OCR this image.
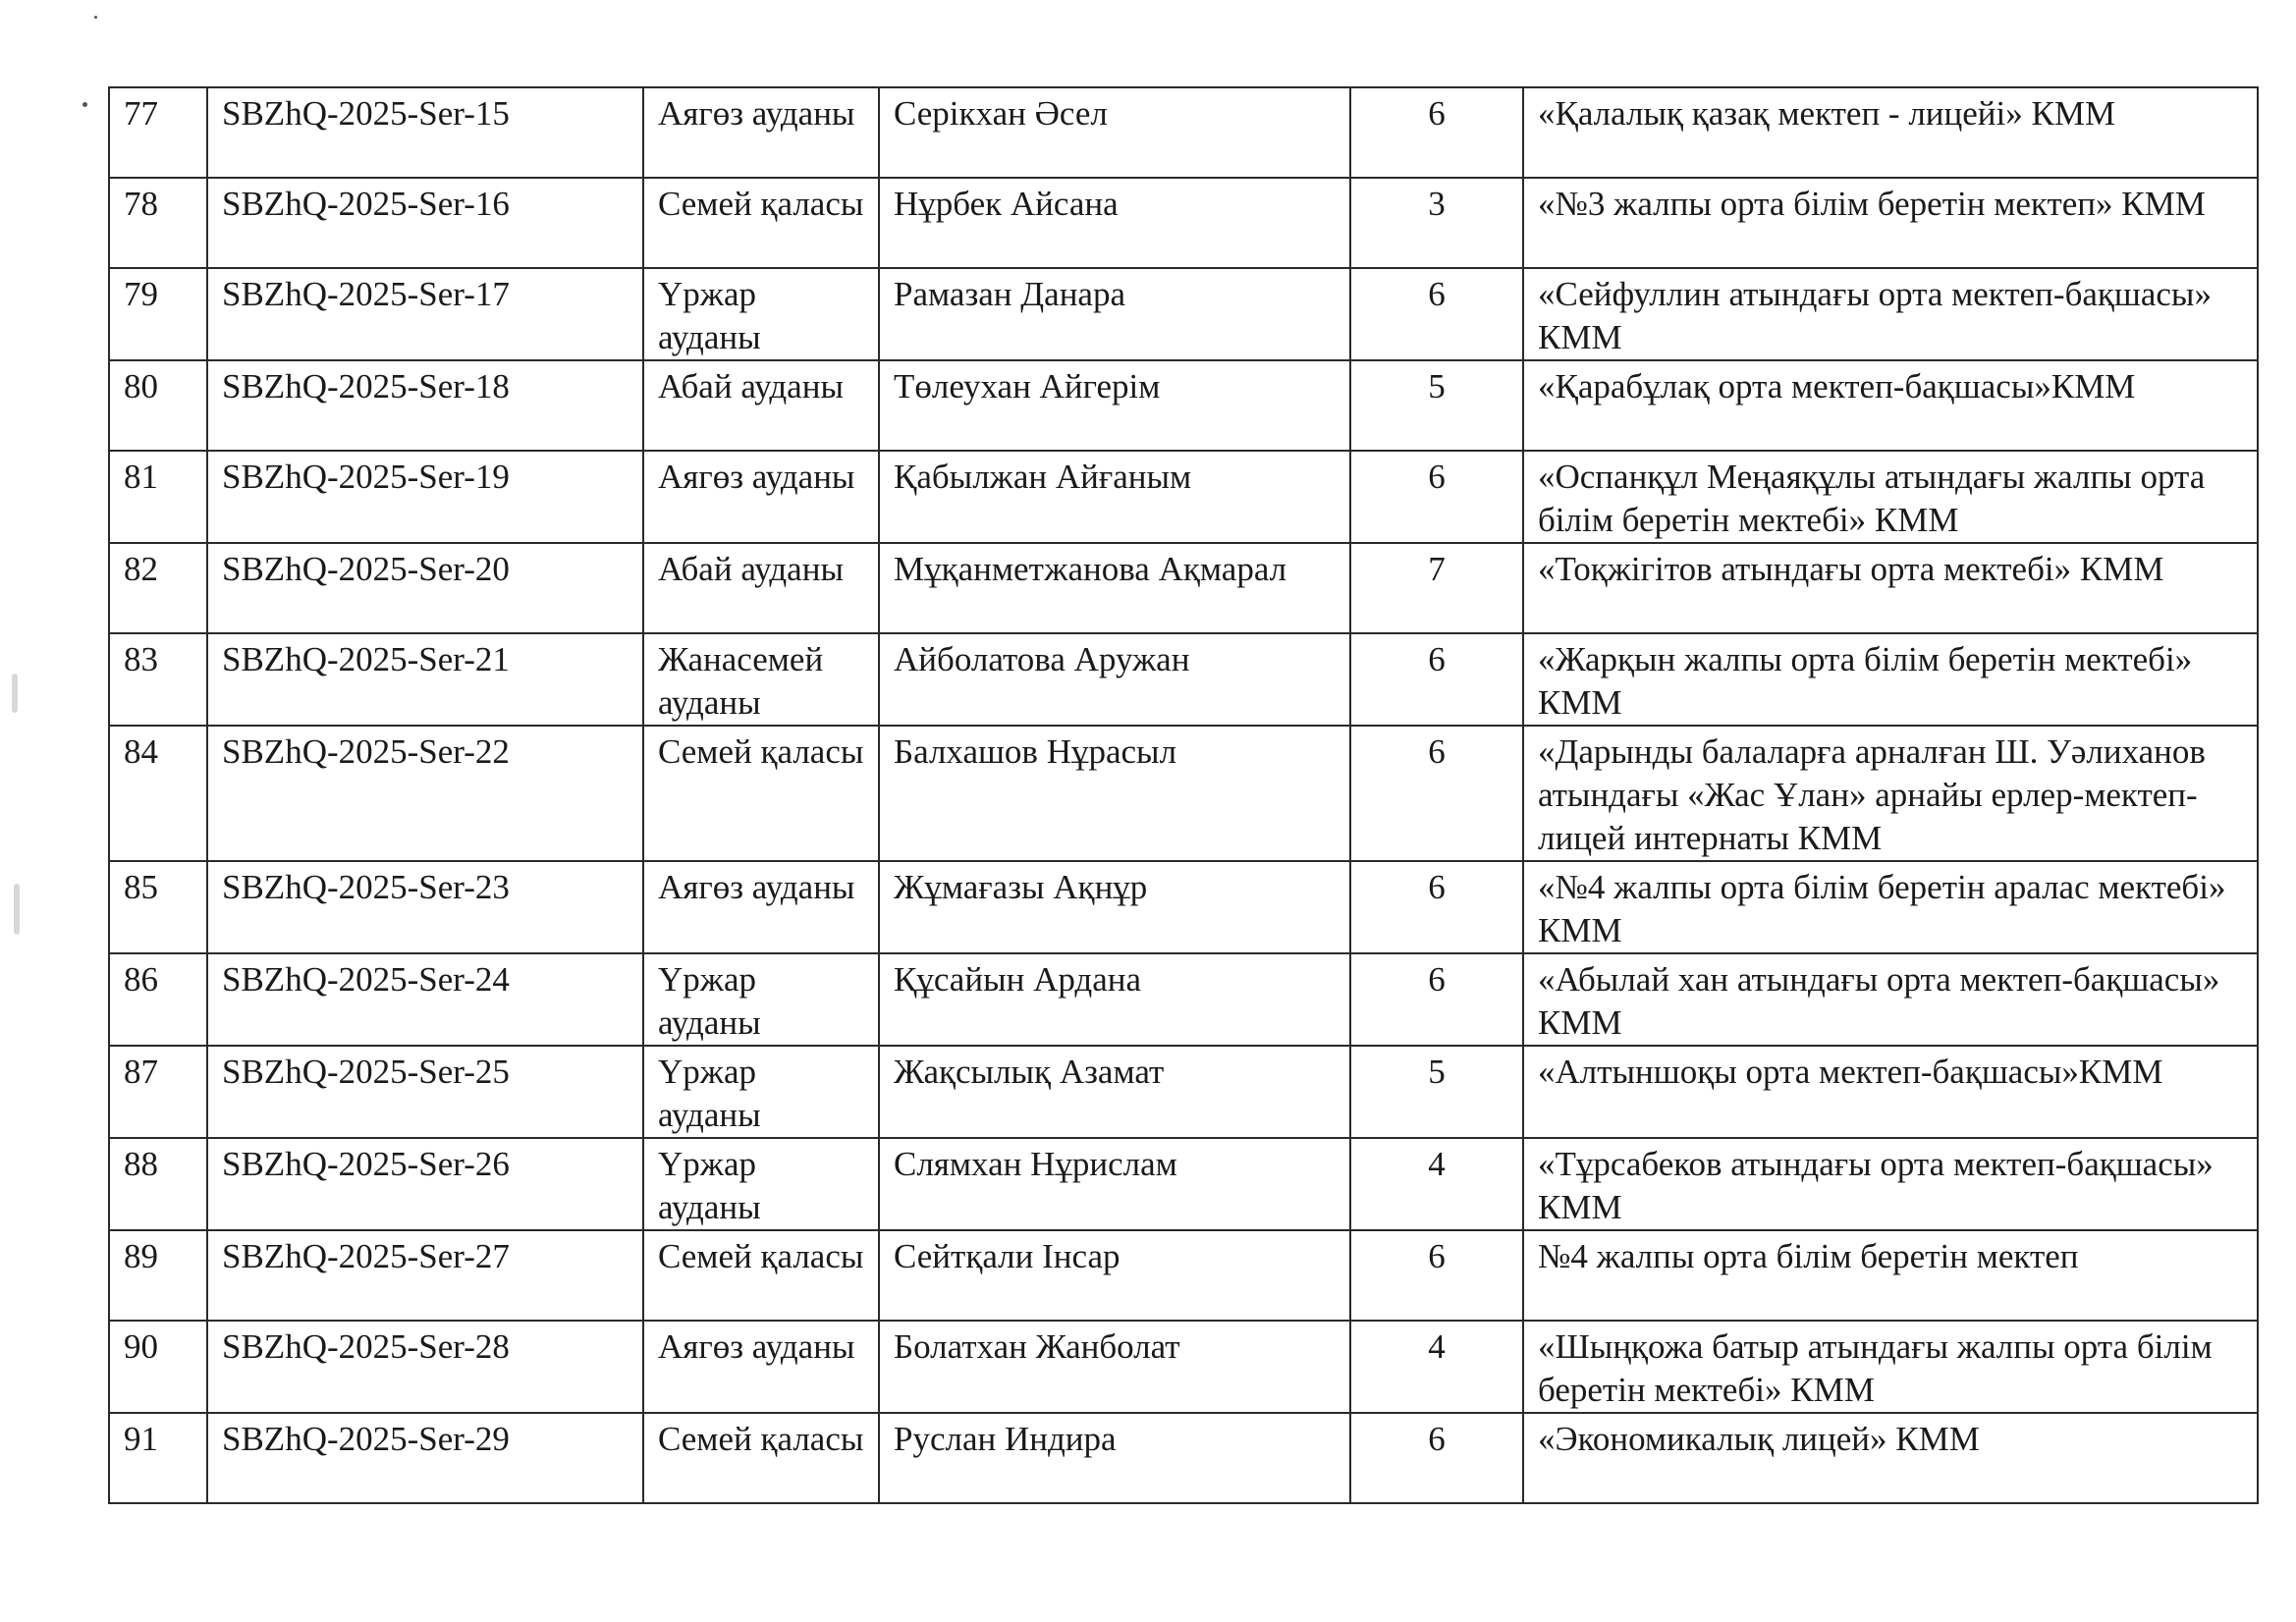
77	SBZhQ-2025-Ser-15	Аягөз ауданы	Серікхан Әсел	6	«Қалалық қазақ мектеп - лицейі» КММ
78	SBZhQ-2025-Ser-16	Семей қаласы	Нұрбек Айсана	3	«№3 жалпы орта білім беретін мектеп» КММ
79	SBZhQ-2025-Ser-17	Үржар ауданы	Рамазан Данара	6	«Сейфуллин атындағы орта мектеп-бақшасы» КММ
80	SBZhQ-2025-Ser-18	Абай ауданы	Төлеухан Айгерім	5	«Қарабұлақ орта мектеп-бақшасы»КММ
81	SBZhQ-2025-Ser-19	Аягөз ауданы	Қабылжан Айғаным	6	«Оспанқұл Меңаяқұлы атындағы жалпы орта білім беретін мектебі» КММ
82	SBZhQ-2025-Ser-20	Абай ауданы	Мұқанметжанова Ақмарал	7	«Тоқжігітов атындағы орта мектебі» КММ
83	SBZhQ-2025-Ser-21	Жанасемей ауданы	Айболатова Аружан	6	«Жарқын жалпы орта білім беретін мектебі» КММ
84	SBZhQ-2025-Ser-22	Семей қаласы	Балхашов Нұрасыл	6	«Дарынды балаларға арналған Ш. Уәлиханов атындағы «Жас Ұлан» арнайы ерлер-мектеп-лицей интернаты КММ
85	SBZhQ-2025-Ser-23	Аягөз ауданы	Жұмағазы Ақнұр	6	«№4 жалпы орта білім беретін аралас мектебі» КММ
86	SBZhQ-2025-Ser-24	Үржар ауданы	Құсайын Ардана	6	«Абылай хан атындағы орта мектеп-бақшасы» КММ
87	SBZhQ-2025-Ser-25	Үржар ауданы	Жақсылық Азамат	5	«Алтыншоқы орта мектеп-бақшасы»КММ
88	SBZhQ-2025-Ser-26	Үржар ауданы	Слямхан Нұрислам	4	«Тұрсабеков атындағы орта мектеп-бақшасы» КММ
89	SBZhQ-2025-Ser-27	Семей қаласы	Сейтқали Інсар	6	№4 жалпы орта білім беретін мектеп
90	SBZhQ-2025-Ser-28	Аягөз ауданы	Болатхан Жанболат	4	«Шыңқожа батыр атындағы жалпы орта білім беретін мектебі» КММ
91	SBZhQ-2025-Ser-29	Семей қаласы	Руслан Индира	6	«Экономикалық лицей» КММ
